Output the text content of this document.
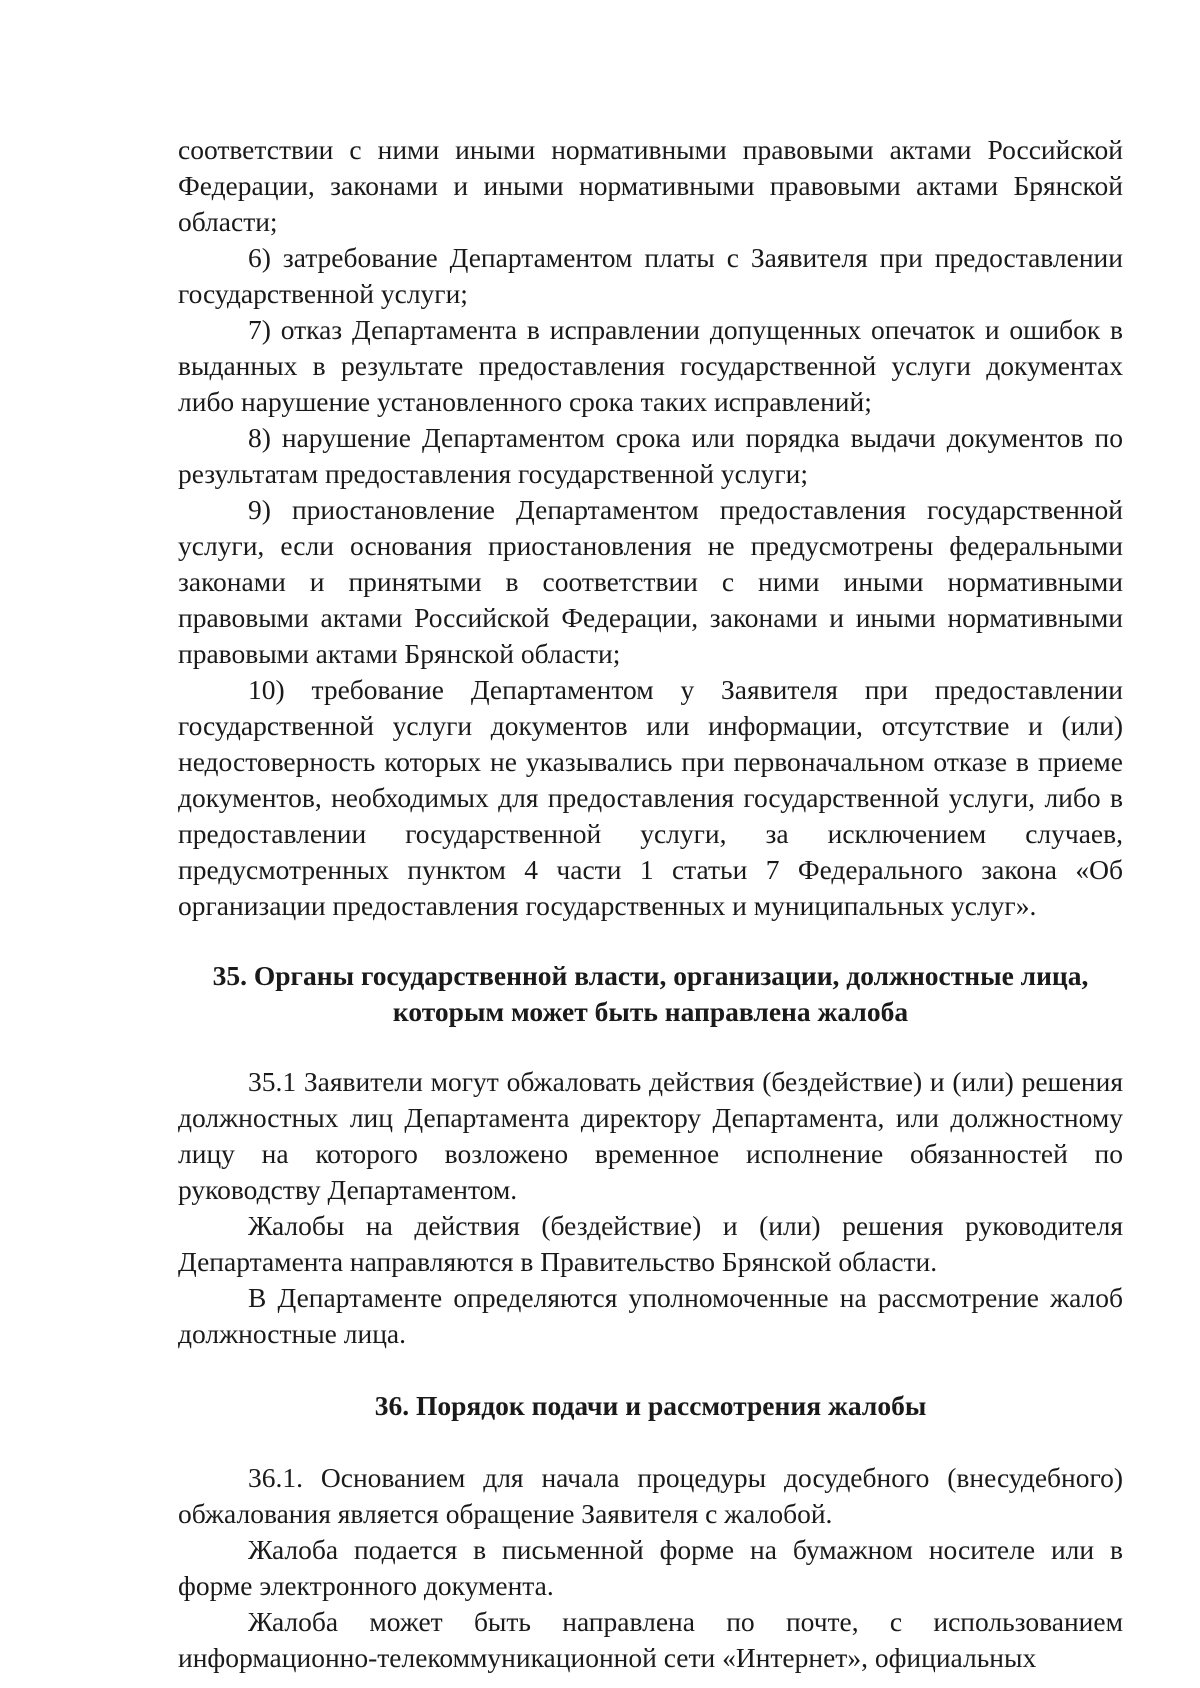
соответствии с ними иными нормативными правовыми актами Российской Федерации, законами и иными нормативными правовыми актами Брянской области;

6) затребование Департаментом платы с Заявителя при предоставлении государственной услуги;

7) отказ Департамента в исправлении допущенных опечаток и ошибок в выданных в результате предоставления государственной услуги документах либо нарушение установленного срока таких исправлений;

8) нарушение Департаментом срока или порядка выдачи документов по результатам предоставления государственной услуги;

9) приостановление Департаментом предоставления государственной услуги, если основания приостановления не предусмотрены федеральными законами и принятыми в соответствии с ними иными нормативными правовыми актами Российской Федерации, законами и иными нормативными правовыми актами Брянской области;

10) требование Департаментом у Заявителя при предоставлении государственной услуги документов или информации, отсутствие и (или) недостоверность которых не указывались при первоначальном отказе в приеме документов, необходимых для предоставления государственной услуги, либо в предоставлении государственной услуги, за исключением случаев, предусмотренных пунктом 4 части 1 статьи 7 Федерального закона «Об организации предоставления государственных и муниципальных услуг».

35. Органы государственной власти, организации, должностные лица, которым может быть направлена жалоба

35.1 Заявители могут обжаловать действия (бездействие) и (или) решения должностных лиц Департамента директору Департамента, или должностному лицу на которого возложено временное исполнение обязанностей по руководству Департаментом.

Жалобы на действия (бездействие) и (или) решения руководителя Департамента направляются в Правительство Брянской области.

В Департаменте определяются уполномоченные на рассмотрение жалоб должностные лица.

36. Порядок подачи и рассмотрения жалобы

36.1. Основанием для начала процедуры досудебного (внесудебного) обжалования является обращение Заявителя с жалобой.

Жалоба подается в письменной форме на бумажном носителе или в форме электронного документа.

Жалоба может быть направлена по почте, с использованием информационно-телекоммуникационной сети «Интернет», официальных
